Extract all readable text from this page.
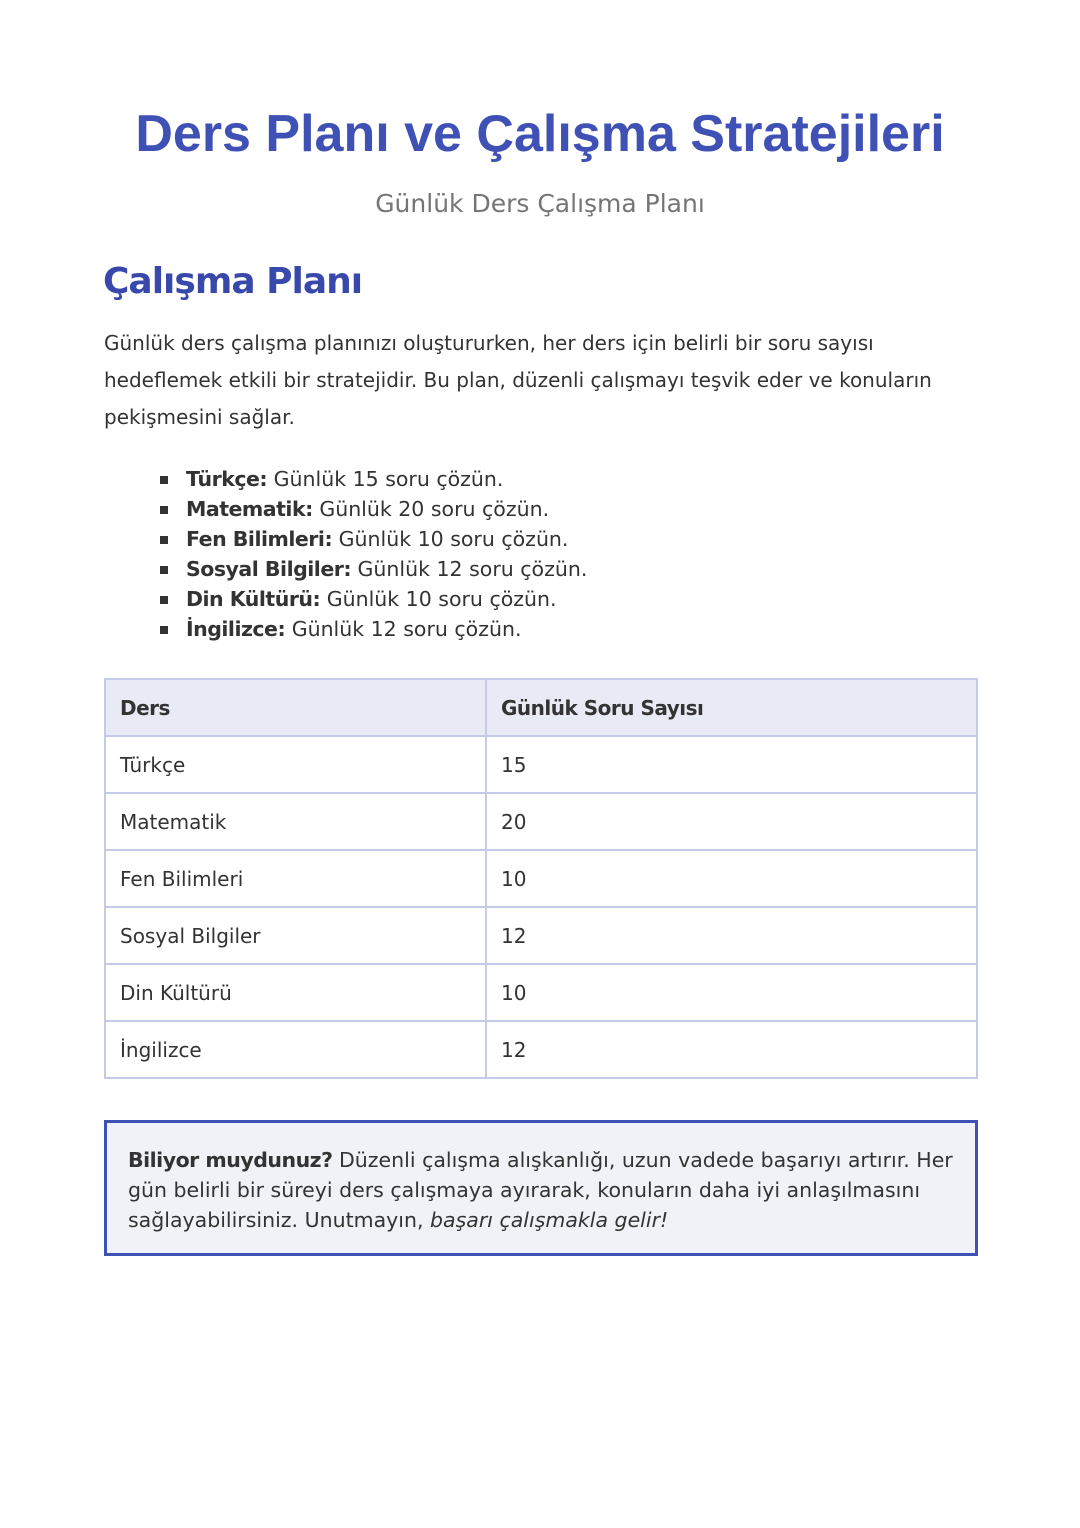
Ders Planı ve Çalışma Stratejileri
Günlük Ders Çalışma Planı
Çalışma Planı

Günlük ders çalışma planınızı oluştururken, her ders için belirli bir soru sayısı hedeflemek etkili bir stratejidir. Bu plan, düzenli çalışmayı teşvik eder ve konuların pekişmesini sağlar.

Türkçe: Günlük 15 soru çözün.
Matematik: Günlük 20 soru çözün.
Fen Bilimleri: Günlük 10 soru çözün.
Sosyal Bilgiler: Günlük 12 soru çözün.
Din Kültürü: Günlük 10 soru çözün.
İngilizce: Günlük 12 soru çözün.
Ders	Günlük Soru Sayısı
Türkçe	15
Matematik	20
Fen Bilimleri	10
Sosyal Bilgiler	12
Din Kültürü	10
İngilizce	12
Biliyor muydunuz? Düzenli çalışma alışkanlığı, uzun vadede başarıyı artırır. Her gün belirli bir süreyi ders çalışmaya ayırarak, konuların daha iyi anlaşılmasını sağlayabilirsiniz. Unutmayın, başarı çalışmakla gelir!
